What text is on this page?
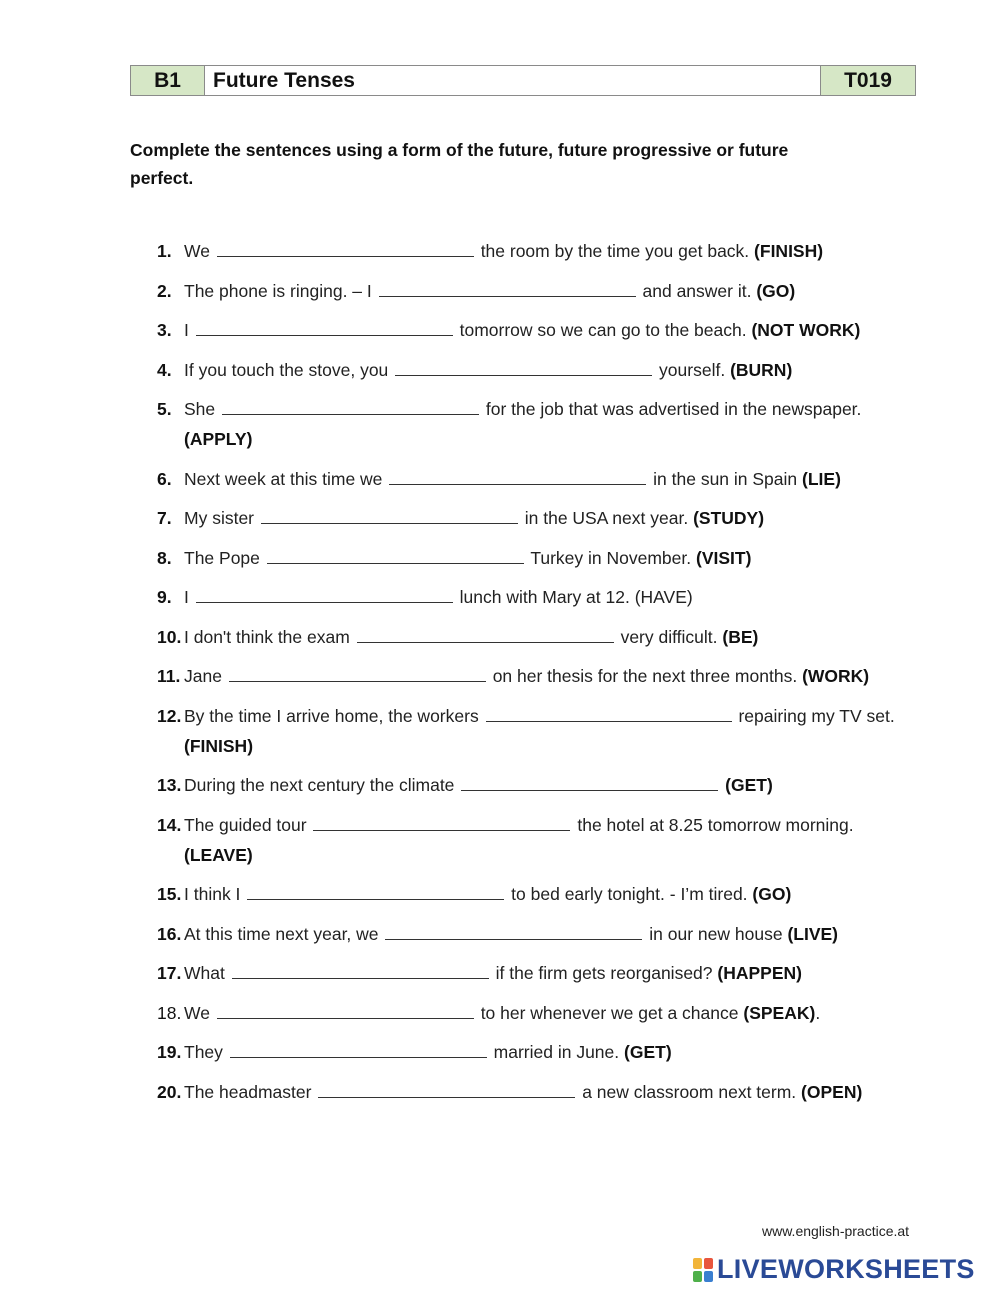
B1	Future Tenses	T019
Complete the sentences using a form of the future, future progressive or future perfect.
1. We	the room by the time you get back. (FINISH)
2. The phone is ringing. – I	and answer it. (GO)
3. I	tomorrow so we can go to the beach. (NOT WORK)
4. If you touch the stove, you	yourself. (BURN)
5. She	for the job that was advertised in the newspaper.
(APPLY)
6. Next week at this time we	in the sun in Spain (LIE)
7. My sister	in the USA next year. (STUDY)
8. The Pope	Turkey in November. (VISIT)
9. I	lunch with Mary at 12. (HAVE)
10. I don't think the exam	very difficult. (BE)
11. Jane	on her thesis for the next three months. (WORK)
12. By the time I arrive home, the workers	repairing my TV set.
(FINISH)
13. During the next century the climate	(GET)
14. The guided tour	the hotel at 8.25 tomorrow morning.
(LEAVE)
15. I think I	to bed early tonight. - I’m tired. (GO)
16. At this time next year, we	in our new house (LIVE)
17. What	if the firm gets reorganised? (HAPPEN)
18. We	to her whenever we get a chance (SPEAK).
19. They	married in June. (GET)
20. The headmaster	a new classroom next term. (OPEN)
www.english-practice.at
LIVEWORKSHEETS
